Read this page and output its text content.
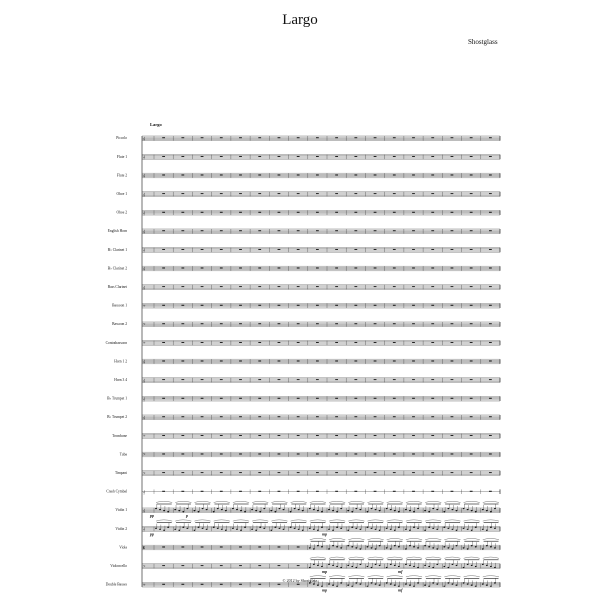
Largo
Shostglass
Largo
Piccolo	𝄞
Flute 1	𝄞
Flute 2	𝄞
Oboe 1	𝄞
Oboe 2	𝄞
English Horn	𝄞
B♭ Clarinet 1	𝄞
B♭ Clarinet 2	𝄞
Bass Clarinet	𝄞
Bassoon 1	𝄢
Bassoon 2	𝄢
Contrabassoon	𝄢
Horn 1 2	𝄞
Horn 3 4	𝄞
B♭ Trumpet 1	𝄞
B♭ Trumpet 2	𝄞
Trombone	𝄢
Tuba	𝄢
Timpani	𝄢
Crash Cymbal	𝄞
Violin 1	𝄞
Violin 2	𝄞
Viola	𝄡
Violoncello	𝄢
Double Basses	𝄢
pp	p
pp	mp
mp	mf
mp	mf
© 2012 by Shostglass
